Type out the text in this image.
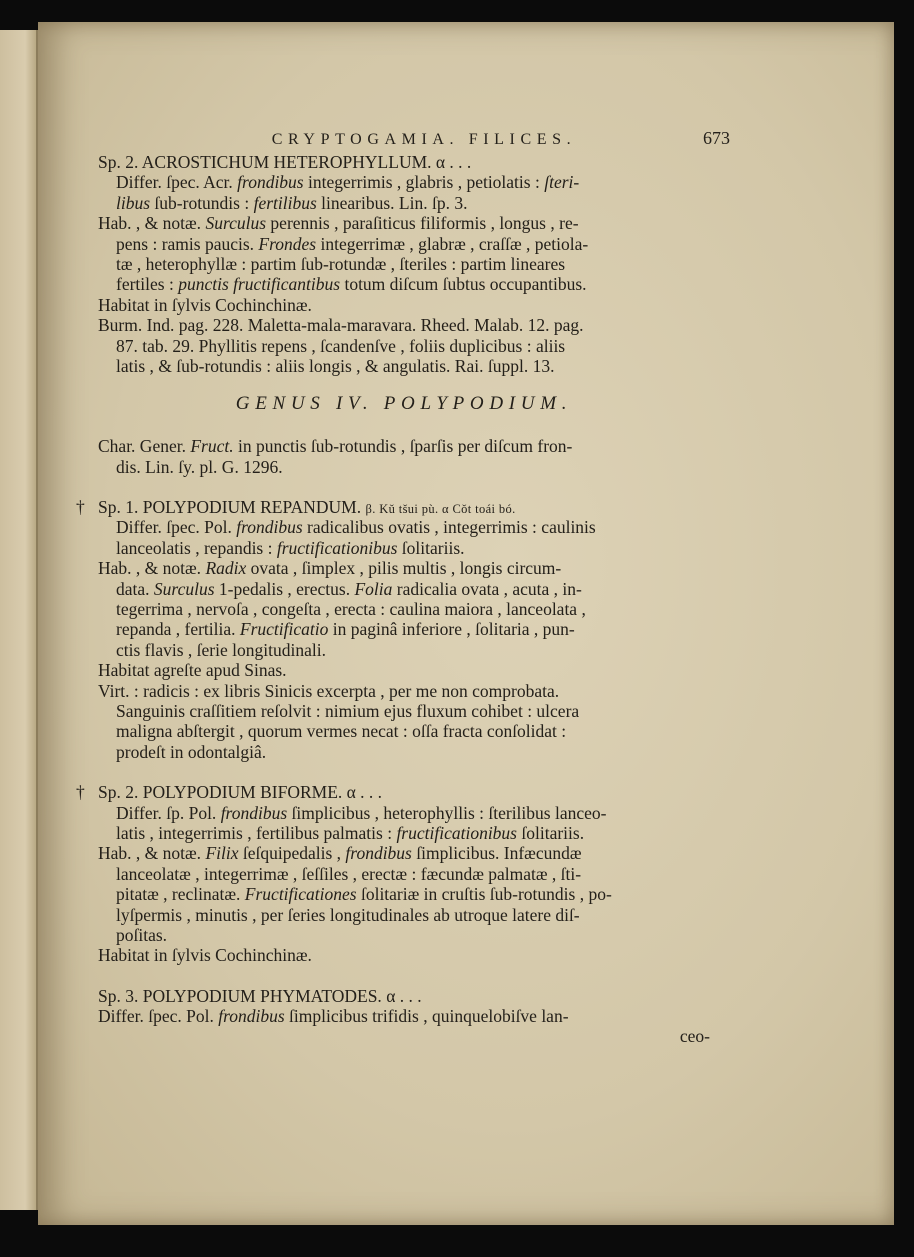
CRYPTOGAMIA. FILICES.	673
Sp. 2. ACROSTICHUM HETEROPHYLLUM. α . . .
Differ. ſpec. Acr. frondibus integerrimis , glabris , petiolatis : ſteri-
libus ſub-rotundis : fertilibus linearibus. Lin. ſp. 3.
Hab. , & notæ. Surculus perennis , paraſiticus filiformis , longus , re-
pens : ramis paucis. Frondes integerrimæ , glabræ , craſſæ , petiola-
tæ , heterophyllæ : partim ſub-rotundæ , ſteriles : partim lineares
fertiles : punctis fructificantibus totum diſcum ſubtus occupantibus.
Habitat in ſylvis Cochinchinæ.
Burm. Ind. pag. 228. Maletta-mala-maravara. Rheed. Malab. 12. pag.
87. tab. 29. Phyllitis repens , ſcandenſve , foliis duplicibus : aliis
latis , & ſub-rotundis : aliis longis , & angulatis. Rai. ſuppl. 13.
GENUS IV. POLYPODIUM.
Char. Gener. Fruct. in punctis ſub-rotundis , ſparſis per diſcum fron-
dis. Lin. ſy. pl. G. 1296.
† Sp. 1. POLYPODIUM REPANDUM. β. Kǔ tšui pù. α Cǒt toái bó.
Differ. ſpec. Pol. frondibus radicalibus ovatis , integerrimis : caulinis
lanceolatis , repandis : fructificationibus ſolitariis.
Hab. , & notæ. Radix ovata , ſimplex , pilis multis , longis circum-
data. Surculus 1-pedalis , erectus. Folia radicalia ovata , acuta , in-
tegerrima , nervoſa , congeſta , erecta : caulina maiora , lanceolata ,
repanda , fertilia. Fructificatio in paginâ inferiore , ſolitaria , pun-
ctis flavis , ſerie longitudinali.
Habitat agreſte apud Sinas.
Virt. : radicis : ex libris Sinicis excerpta , per me non comprobata.
Sanguinis craſſitiem reſolvit : nimium ejus fluxum cohibet : ulcera
maligna abſtergit , quorum vermes necat : oſſa fracta conſolidat :
prodeſt in odontalgiâ.
† Sp. 2. POLYPODIUM BIFORME. α . . .
Differ. ſp. Pol. frondibus ſimplicibus , heterophyllis : ſterilibus lanceo-
latis , integerrimis , fertilibus palmatis : fructificationibus ſolitariis.
Hab. , & notæ. Filix ſeſquipedalis , frondibus ſimplicibus. Infæcundæ
lanceolatæ , integerrimæ , ſeſſiles , erectæ : fæcundæ palmatæ , ſti-
pitatæ , reclinatæ. Fructificationes ſolitariæ in cruſtis ſub-rotundis , po-
lyſpermis , minutis , per ſeries longitudinales ab utroque latere diſ-
poſitas.
Habitat in ſylvis Cochinchinæ.
Sp. 3. POLYPODIUM PHYMATODES. α . . .
Differ. ſpec. Pol. frondibus ſimplicibus trifidis , quinquelobiſve lan-
ceo-
